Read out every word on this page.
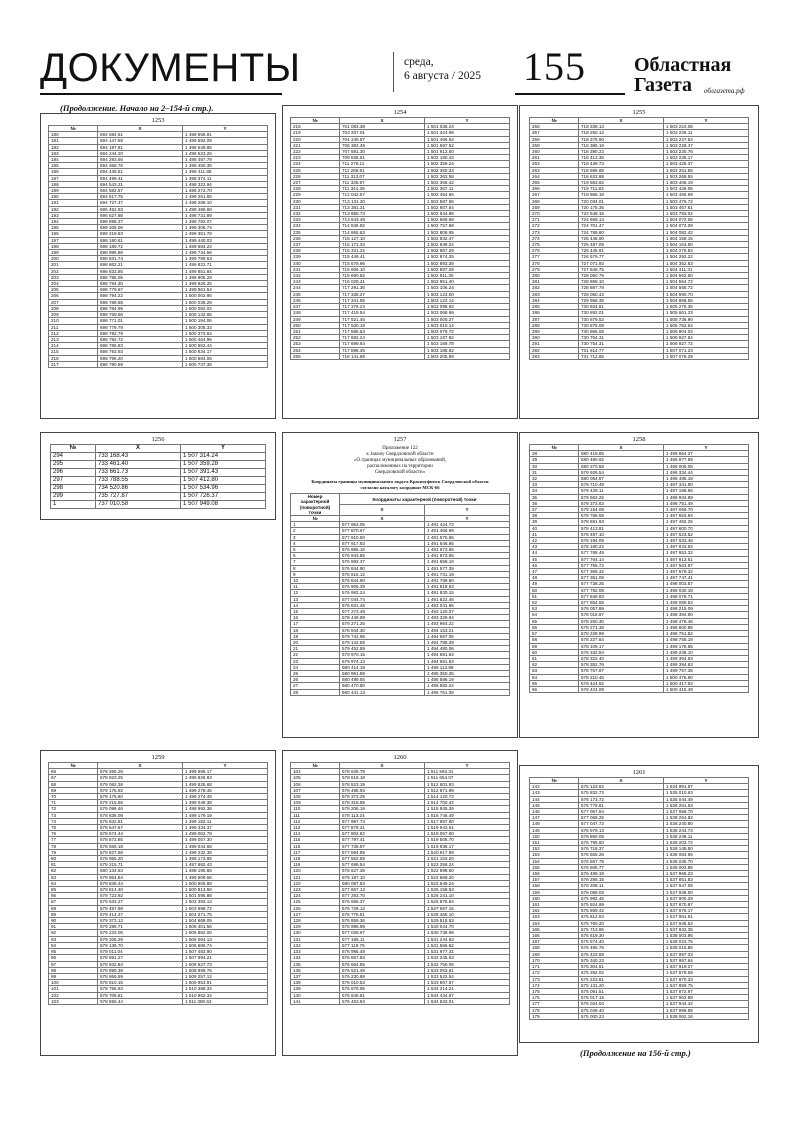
ДОКУМЕНТЫ	среда,
6 августа / 2025 155 Областная
Газета	облгазета.рф
(Продолжение. Начало на 2–154-й стр.).
1253
№	X	Y
180	694 684.51	1 498 655.91
181	694 147.69	1 499 592.09
182	694 197.81	1 498 549.85
183	694 244.20	1 498 523.26
184	694 293.56	1 498 497.79
185	694 369.76	1 498 450.36
186	694 439.61	1 498 411.88
187	694 499.41	1 498 374.11
188	694 543.21	1 498 322.94
189	694 582.67	1 498 272.70
190	694 617.75	1 498 261.55
191	694 727.47	1 498 285.10
192	695 452.93	1 498 496.68
193	696 627.88	1 498 731.89
194	698 898.37	1 498 792.07
195	699 206.06	1 499 305.74
196	699 219.83	1 499 351.78
197	698 190.61	1 499 440.03
198	698 189.72	1 499 584.22
199	698 995.86	1 499 734.56
200	698 831.74	1 499 790.53
201	698 862.21	1 499 822.71
202	698 833.85	1 499 851.84
203	698 795.06	1 499 906.29
204	698 784.30	1 499 926.25
205	698 779.67	1 499 961.54
206	698 794.22	1 500 002.95
207	698 789.58	1 500 038.29
208	698 784.95	1 500 082.04
209	698 769.56	1 500 132.66
210	698 771.01	1 500 194.06
211	698 779.79	1 500 305.33
212	698 792.79	1 500 373.64
213	698 792.72	1 500 464.96
214	698 785.83	1 500 552.44
215	698 793.93	1 500 634.17
216	698 796.20	1 500 684.06
217	698 790.59	1 500 737.38
1254
№	X	Y
218	701 083.38	1 501 036.24
219	703 207.01	1 501 324.99
220	704 249.87	1 501 466.64
221	705 383.48	1 501 597.52
222	707 691.30	1 501 913.50
223	709 836.61	1 502 180.43
224	711 278.11	1 502 359.24
225	711 286.91	1 502 360.33
226	711 313.07	1 502 363.58
227	711 335.97	1 502 366.42
228	711 341.39	1 502 367.11
229	712 042.57	1 502 454.55
230	713 131.20	1 502 587.55
231	713 381.31	1 502 607.84
232	713 680.73	1 502 644.98
233	713 843.49	1 502 666.68
234	714 536.82	1 502 757.68
235	714 865.63	1 502 806.95
236	715 127.10	1 502 832.47
237	715 171.34	1 502 839.22
238	715 321.22	1 502 867.29
239	715 449.41	1 502 874.25
240	715 578.96	1 502 893.38
241	715 606.10	1 502 897.29
242	715 690.82	1 502 911.30
243	716 029.41	1 502 951.40
244	717 291.36	1 503 106.24
245	717 338.27	1 503 123.00
246	717 341.65	1 503 122.14
247	717 376.24	1 503 098.93
248	717 419.54	1 503 068.99
249	717 521.46	1 503 000.27
250	717 530.18	1 503 010.14
251	717 585.63	1 503 079.72
252	717 682.24	1 503 187.82
253	717 699.64	1 503 169.78
254	717 898.45	1 503 186.92
255	718 141.68	1 503 205.89
1255
№	X	Y
256	718 339.13	1 503 224.08
257	718 250.13	1 503 226.11
258	718 375.90	1 503 227.54
259	718 386.18	1 503 228.47
260	718 390.23	1 503 230.76
261	718 413.35	1 503 236.17
262	718 439.73	1 503 428.37
263	718 586.85	1 503 261.65
264	718 633.88	1 503 268.55
265	719 563.92	1 503 406.19
266	719 711.83	1 503 428.06
267	719 966.18	1 503 465.69
268	720 034.01	1 503 475.72
269	720 175.35	1 503 467.61
270	722 549.16	1 503 783.02
271	724 659.14	1 504 072.06
272	724 701.47	1 504 072.09
273	724 789.80	1 504 082.42
274	725 448.90	1 504 159.15
275	725 487.09	1 504 163.60
276	726 445.91	1 504 275.64
277	726 579.77	1 504 292.22
278	727 071.93	1 504 352.83
279	727 845.75	1 504 411.31
280	728 050.79	1 504 562.80
281	728 868.10	1 504 564.72
282	728 897.79	1 504 568.72
283	729 050.42	1 504 590.70
284	729 958.35	1 504 868.56
285	730 934.81	1 505 275.35
286	730 892.01	1 505 661.23
287	730 879.52	1 505 736.90
288	730 875.08	1 505 762.64
289	730 866.08	1 505 904.03
290	730 754.31	1 506 927.54
291	730 754.31	1 506 927.72
292	731 614.77	1 507 071.23
293	731 712.65	1 507 075.29
1256
№	X	Y
294	733 168.43	1 507 314.24
295	733 461.40	1 507 359.28
296	733 661.73	1 507 391.43
297	733 788.55	1 507 412.80
298	734 520.86	1 507 534.96
299	735 727.87	1 507 726.37
1	737 010.58	1 507 949.08
1257
Приложение 122
к Закону Свердловской области
«О границах муниципальных образований,
расположенных на территории
Свердловской области»
Координаты границы муниципального округа Красноуфимск Свердловской области согласно каталогу координат МСК-66
Номер характерной (поворотной) точки	Координаты характерной (поворотной) точки	
	X	Y
№	X	Y
1	577 963.05	1 491 424.72
2	577 870.67	1 491 466.99
3	577 910.50	1 491 575.55
4	577 917.83	1 491 646.65
5	576 985.16	1 491 673.55
6	576 943.85	1 491 673.55
7	576 882.37	1 491 658.18
8	576 844.90	1 491 577.39
9	576 815.12	1 491 731.19
10	576 844.90	1 491 789.80
11	576 906.39	1 491 818.63
12	576 983.24	1 491 830.15
13	577 044.74	1 491 822.46
14	576 831.45	1 493 041.65
15	577 273.49	1 493 120.37
16	578 449.88	1 493 329.94
17	579 271.26	1 493 964.22
18	578 944.30	1 494 153.21
19	579 742.96	1 494 587.35
20	579 142.59	1 494 788.39
21	579 452.59	1 494 480.06
22	579 970.15	1 494 691.63
23	579 974.13	1 494 691.63
24	580 414.19	1 495 113.89
25	580 961.89	1 495 350.25
26	580 489.55	1 495 586.19
27	580 470.80	1 495 582.22
28	580 441.13	1 495 761.38
1258
№	X	Y
28	580 419.85	1 495 864.27
29	580 490.92	1 495 977.69
30	580 370.58	1 496 006.05
31	579 926.54	1 496 334.44
32	580 064.87	1 496 485.18
33	579 710.49	1 497 341.80
34	579 429.11	1 497 198.66
35	579 562.25	1 496 934.89
36	579 373.83	1 496 751.49
37	579 154.08	1 497 069.70
38	578 789.59	1 497 653.94
39	578 581.93	1 497 482.25
40	578 413.81	1 497 600.70
41	578 487.10	1 497 623.52
42	578 194.09	1 497 633.46
43	578 190.22	1 497 633.62
44	577 768.49	1 497 653.32
45	577 764.14	1 497 613.51
46	577 756.72	1 497 563.97
47	577 366.32	1 497 679.32
48	577 351.09	1 497 747.41
49	577 738.26	1 498 003.57
50	577 792.08	1 498 030.18
51	577 848.83	1 498 076.71
52	577 854.58	1 498 080.53
53	578 057.95	1 498 215.09
54	578 016.97	1 498 394.60
55	578 250.30	1 498 479.48
56	578 271.38	1 498 600.95
57	578 228.98	1 498 751.82
58	578 227.64	1 498 756.18
59	578 109.17	1 499 178.65
60	578 332.84	1 499 236.10
61	578 322.40	1 499 394.63
62	578 352.76	1 499 394.63
63	578 757.87	1 499 757.36
64	578 210.46	1 500 476.90
65	578 424.52	1 500 417.93
66	578 424.09	1 500 415.49
1259
№	X	Y
66	578 265.28	1 499 595.17
67	578 823.25	1 499 826.93
68	579 082.38	1 499 825.68
69	579 175.92	1 499 278.46
70	579 176.60	1 499 274.49
71	579 215.56	1 499 046.38
72	579 096.46	1 498 992.36
73	578 836.08	1 499 179.19
74	578 832.81	1 499 182.11
75	578 647.67	1 499 334.37
76	578 574.44	1 499 062.78
77	578 572.85	1 499 057.30
78	578 569.18	1 499 044.68
79	579 827.58	1 498 232.38
80	578 955.20	1 498 173.95
81	579 215.71	1 497 692.43
82	580 134.53	1 498 195.68
83	579 964.84	1 499 509.56
84	579 838.44	1 500 605.89
85	579 814.40	1 500 813.68
86	579 723.92	1 501 595.88
87	579 633.27	1 502 393.13
88	579 457.98	1 503 998.72
89	579 414.37	1 504 371.75
90	579 373.12	1 504 669.09
91	579 289.71	1 505 401.56
92	579 233.05	1 505 882.00
93	579 206.29	1 506 084.13
94	579 136.70	1 506 686.74
95	579 011.04	1 507 483.90
96	578 991.27	1 507 994.21
97	578 932.84	1 508 527.73
98	578 899.38	1 508 899.76
99	578 866.59	1 509 257.12
100	578 810.15	1 509 853.91
101	578 756.63	1 510 388.34
102	578 708.81	1 510 862.34
103	578 656.44	1 511 380.63
1260
№	X	Y
104	578 635.78	1 511 563.31
105	578 618.18	1 511 654.07
106	578 523.19	1 512 601.93
107	578 498.93	1 512 871.99
108	578 373.25	1 514 120.72
109	578 316.65	1 514 700.42
110	578 206.19	1 515 845.26
111	578 113.24	1 516 746.49
112	577 997.73	1 517 897.80
113	577 878.41	1 519 943.51
114	577 802.82	1 519 067.60
115	577 797.41	1 519 506.70
116	577 736.97	1 519 936.17
117	577 594.89	1 520 917.89
118	577 562.59	1 521 153.20
119	577 699.54	1 523 258.24
120	578 627.36	1 522 898.60
121	579 187.10	1 522 669.20
122	580 087.83	1 522 549.24
123	577 657.13	1 526 158.53
124	577 283.70	1 526 241.10
125	576 696.37	1 526 875.94
126	576 728.12	1 527 587.16
127	576 776.81	1 528 465.10
128	576 859.36	1 529 515.53
129	576 996.99	1 530 044.70
130	577 028.67	1 530 738.99
131	577 155.11	1 531 244.93
132	577 119.75	1 531 566.62
133	576 986.48	1 531 977.31
134	576 867.83	1 532 345.63
135	576 664.85	1 532 750.05
136	576 521.46	1 533 063.81
137	576 230.68	1 533 522.54
138	576 010.53	1 533 867.57
139	575 879.95	1 534 314.21
140	575 646.81	1 534 434.87
141	575 453.83	1 534 633.01
1261
№	X	Y
142	575 123.62	1 534 991.57
143	575 832.73	1 535 010.63
144	576 173.72	1 535 044.49
145	576 776.81	1 536 261.63
146	577 067.54	1 537 658.70
147	577 068.25	1 538 264.82
148	577 047.73	1 538 240.80
149	576 979.13	1 538 244.73
150	576 890.05	1 538 238.11
151	576 795.50	1 538 203.72
152	576 718.37	1 538 145.50
153	576 655.26	1 538 084.65
154	576 567.79	1 538 035.70
155	576 505.77	1 538 003.95
156	576 499.19	1 537 968.23
157	576 286.15	1 537 851.83
158	576 208.11	1 537 847.06
159	576 089.03	1 537 935.00
160	575 992.46	1 537 900.29
161	575 924.99	1 537 870.87
162	575 869.42	1 537 876.17
163	575 812.53	1 537 961.61
164	575 760.20	1 537 945.52
165	575 713.95	1 537 932.35
166	575 619.30	1 538 003.95
167	575 574.40	1 538 023.75
168	575 485.76	1 538 015.86
169	575 423.58	1 537 997.33
170	575 340.23	1 537 957.94
171	575 304.51	1 537 919.27
172	575 282.02	1 537 879.59
173	575 223.81	1 537 870.33
174	575 131.20	1 537 859.75
175	575 091.51	1 537 872.97
176	575 017.15	1 537 962.98
177	575 024.04	1 537 944.42
178	575 049.40	1 537 999.98
179	575 000.23	1 538 062.16
(Продолжение на 156-й стр.)
